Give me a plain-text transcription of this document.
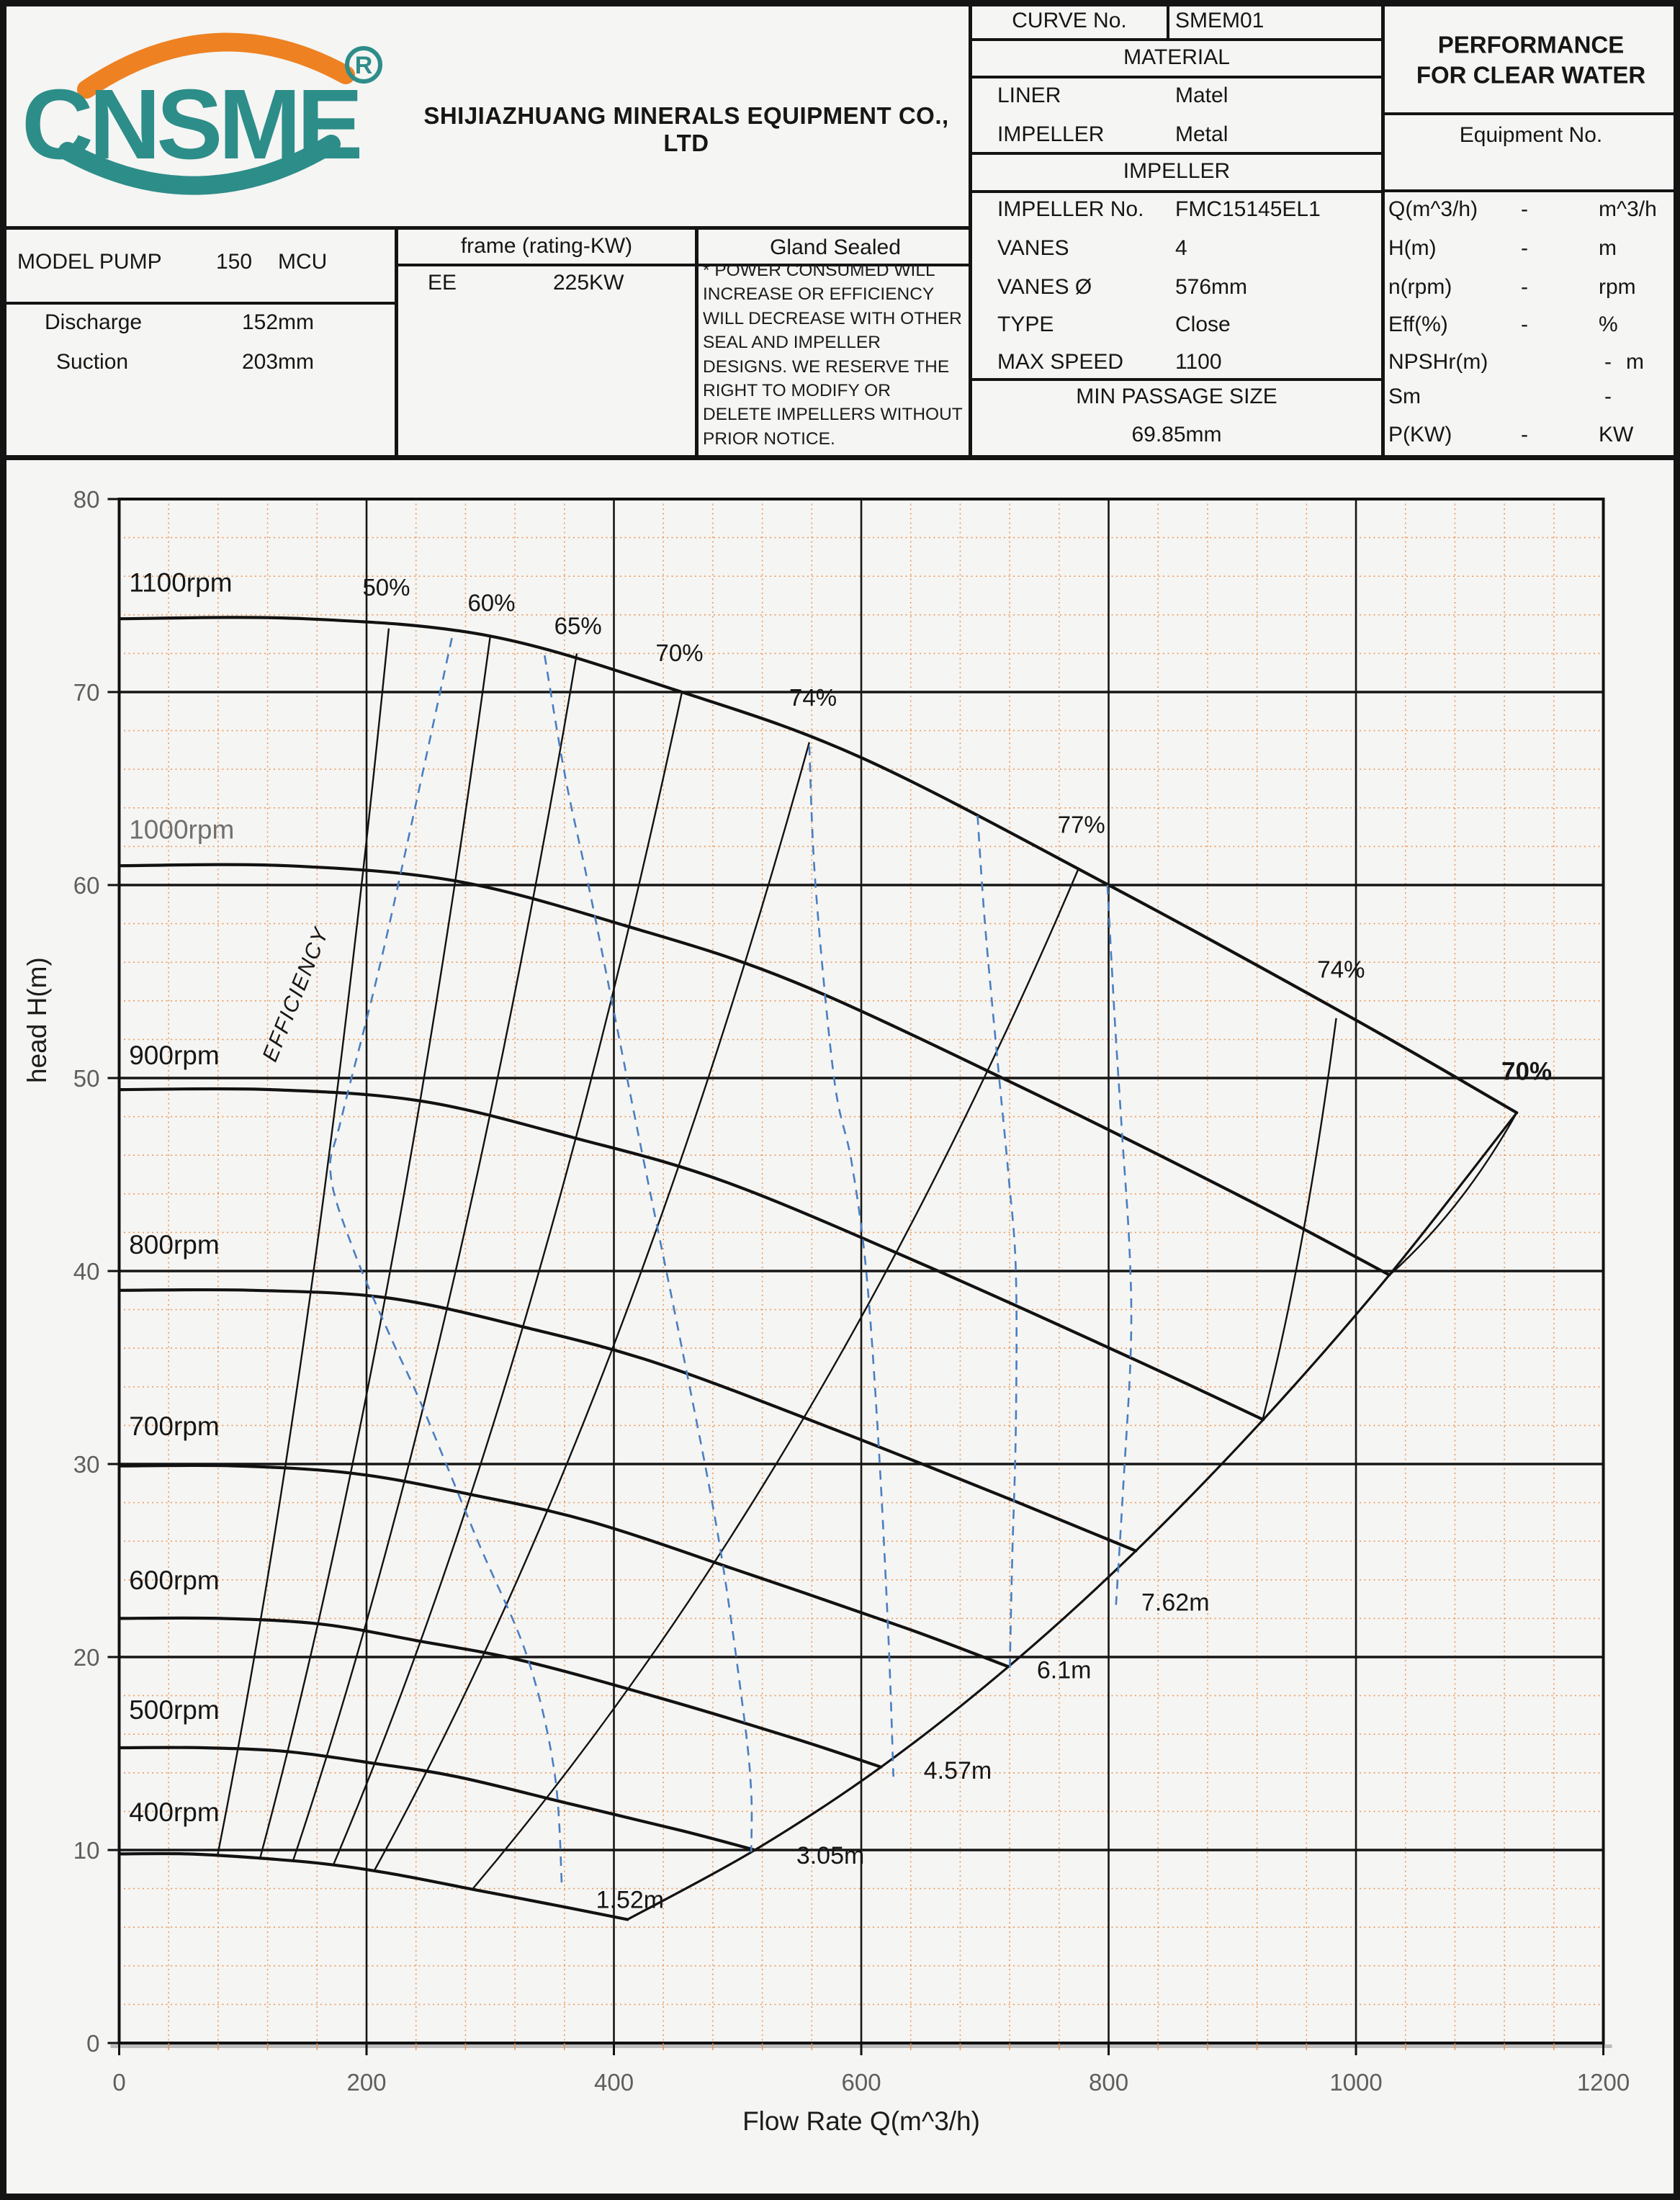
CNSME
R
SHIJIAZHUANG MINERALS EQUIPMENT CO., LTD
MODEL PUMP	150 MCU
Discharge	152mm
Suction	203mm
frame (rating-KW)
EE	225KW
Gland Sealed
* POWER CONSUMED WILL
INCREASE OR EFFICIENCY
WILL DECREASE WITH OTHER
SEAL AND IMPELLER
DESIGNS. WE RESERVE THE
RIGHT TO MODIFY OR
DELETE IMPELLERS WITHOUT
PRIOR NOTICE.
CURVE No.	SMEM01
MATERIAL
LINER	Matel
IMPELLER	Metal
IMPELLER
IMPELLER No. FMC15145EL1
VANES	4
VANES Ø	576mm
TYPE	Close
MAX SPEED 1100
MIN PASSAGE SIZE
69.85mm
PERFORMANCE
FOR CLEAR WATER
Equipment No.
Q(m^3/h) -	m^3/h
H(m)	-	m
n(rpm)	-	rpm
Eff(%)	-	%
NPSHr(m)	- m
Sm	-
P(KW)	-	KW
0	200	400	600	800	1000	1200
0
10
20
30
40
50
60
70
80
1100rpm
1000rpm
900rpm
800rpm
700rpm
600rpm
500rpm
400rpm
50%
60%
65%
70%
74%
77%
74%
70%
1.52m
3.05m
4.57m
6.1m
7.62m
EFFICIENCY
Flow Rate Q(m^3/h)
head H(m)
